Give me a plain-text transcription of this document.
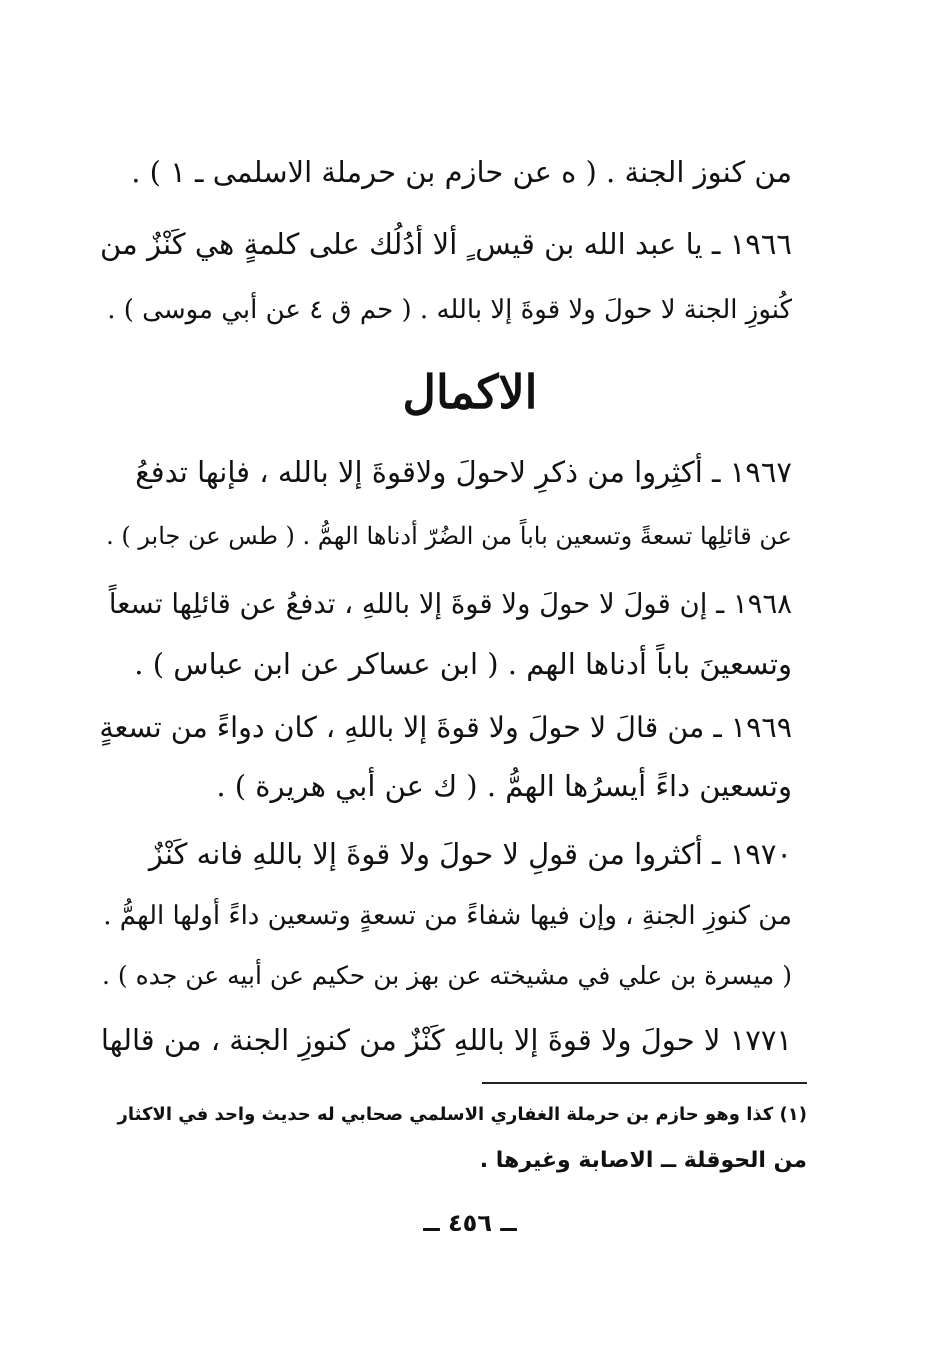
من كنوز الجنة . ( ه عن حازم بن حرملة الاسلمى ـ ١ ) .
١٩٦٦ ـ يا عبد الله بن قيس ٍ ألا أدُلُك على كلمةٍ هي كَنْزٌ من
كُنوزِ الجنة لا حولَ ولا قوةَ إلا بالله . ( حم ق ٤ عن أبي موسى ) .
الاكمال
١٩٦٧ ـ أكثِروا من ذكرِ لاحولَ ولاقوةَ إلا بالله ، فإنها تدفعُ
عن قائلِها تسعةً وتسعين باباً من الضُرّ أدناها الهمُّ . ( طس عن جابر ) .
١٩٦٨ ـ إن قولَ لا حولَ ولا قوةَ إلا باللهِ ، تدفعُ عن قائلِها تسعاً
وتسعينَ باباً أدناها الهم . ( ابن عساكر عن ابن عباس ) .
١٩٦٩ ـ من قالَ لا حولَ ولا قوةَ إلا باللهِ ، كان دواءً من تسعةٍ
وتسعين داءً أيسرُها الهمُّ . ( ك عن أبي هريرة ) .
١٩٧٠ ـ أكثروا من قولِ لا حولَ ولا قوةَ إلا باللهِ فانه كَنْزٌ
من كنوزِ الجنةِ ، وإن فيها شفاءً من تسعةٍ وتسعين داءً أولها الهمُّ .
( ميسرة بن علي في مشيخته عن بهز بن حكيم عن أبيه عن جده ) .
١٧٧١ لا حولَ ولا قوةَ إلا باللهِ كَنْزٌ من كنوزِ الجنة ، من قالها
(١) كذا وهو حازم بن حرملة الغفاري الاسلمي صحابي له حديث واحد في الاكثار
من الحوقلة ــ الاصابة وغيرها .
ــ ٤٥٦ ــ
